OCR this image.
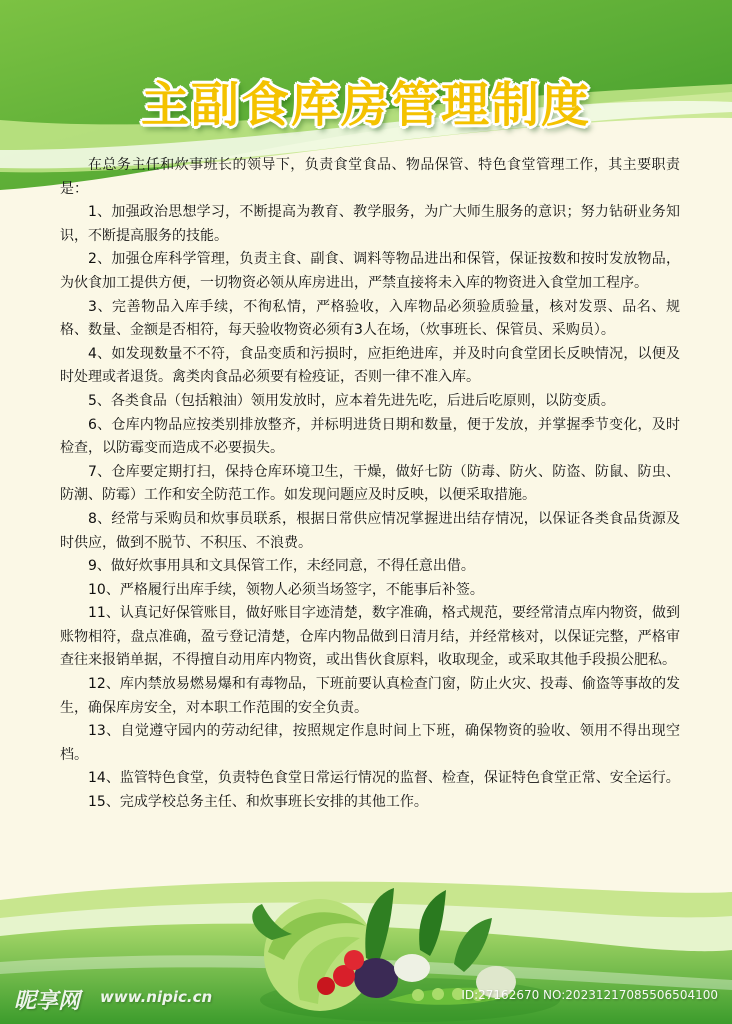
主副食库房管理制度

在总务主任和炊事班长的领导下，负责食堂食品、物品保管、特色食堂管理工作，其主要职责是：

1、加强政治思想学习，不断提高为教育、教学服务，为广大师生服务的意识；努力钻研业务知识，不断提高服务的技能。

2、加强仓库科学管理，负责主食、副食、调料等物品进出和保管，保证按数和按时发放物品，为伙食加工提供方便，一切物资必领从库房进出，严禁直接将未入库的物资进入食堂加工程序。

3、完善物品入库手续，不徇私情，严格验收，入库物品必须验质验量，核对发票、品名、规格、数量、金额是否相符，每天验收物资必须有3人在场，（炊事班长、保管员、采购员）。

4、如发现数量不不符，食品变质和污损时，应拒绝进库，并及时向食堂团长反映情况，以便及时处理或者退货。禽类肉食品必须要有检疫证，否则一律不准入库。

5、各类食品（包括粮油）领用发放时，应本着先进先吃，后进后吃原则，以防变质。

6、仓库内物品应按类别排放整齐，并标明进货日期和数量，便于发放，并掌握季节变化，及时检查，以防霉变而造成不必要损失。

7、仓库要定期打扫，保持仓库环境卫生，干燥，做好七防（防毒、防火、防盗、防鼠、防虫、防潮、防霉）工作和安全防范工作。如发现问题应及时反映，以便采取措施。

8、经常与采购员和炊事员联系，根据日常供应情况掌握进出结存情况，以保证各类食品货源及时供应，做到不脱节、不积压、不浪费。

9、做好炊事用具和文具保管工作，未经同意，不得任意出借。

10、严格履行出库手续，领物人必须当场签字，不能事后补签。

11、认真记好保管账目，做好账目字迹清楚，数字准确，格式规范，要经常清点库内物资，做到账物相符，盘点准确，盈亏登记清楚，仓库内物品做到日清月结，并经常核对，以保证完整，严格审查往来报销单据，不得擅自动用库内物资，或出售伙食原料，收取现金，或采取其他手段损公肥私。

12、库内禁放易燃易爆和有毒物品，下班前要认真检查门窗，防止火灾、投毒、偷盗等事故的发生，确保库房安全，对本职工作范围的安全负责。

13、自觉遵守园内的劳动纪律，按照规定作息时间上下班，确保物资的验收、领用不得出现空档。

14、监管特色食堂，负责特色食堂日常运行情况的监督、检查，保证特色食堂正常、安全运行。

15、完成学校总务主任、和炊事班长安排的其他工作。

昵享网 www.nipic.cn	ID:27162670 NO:20231217085506504100
